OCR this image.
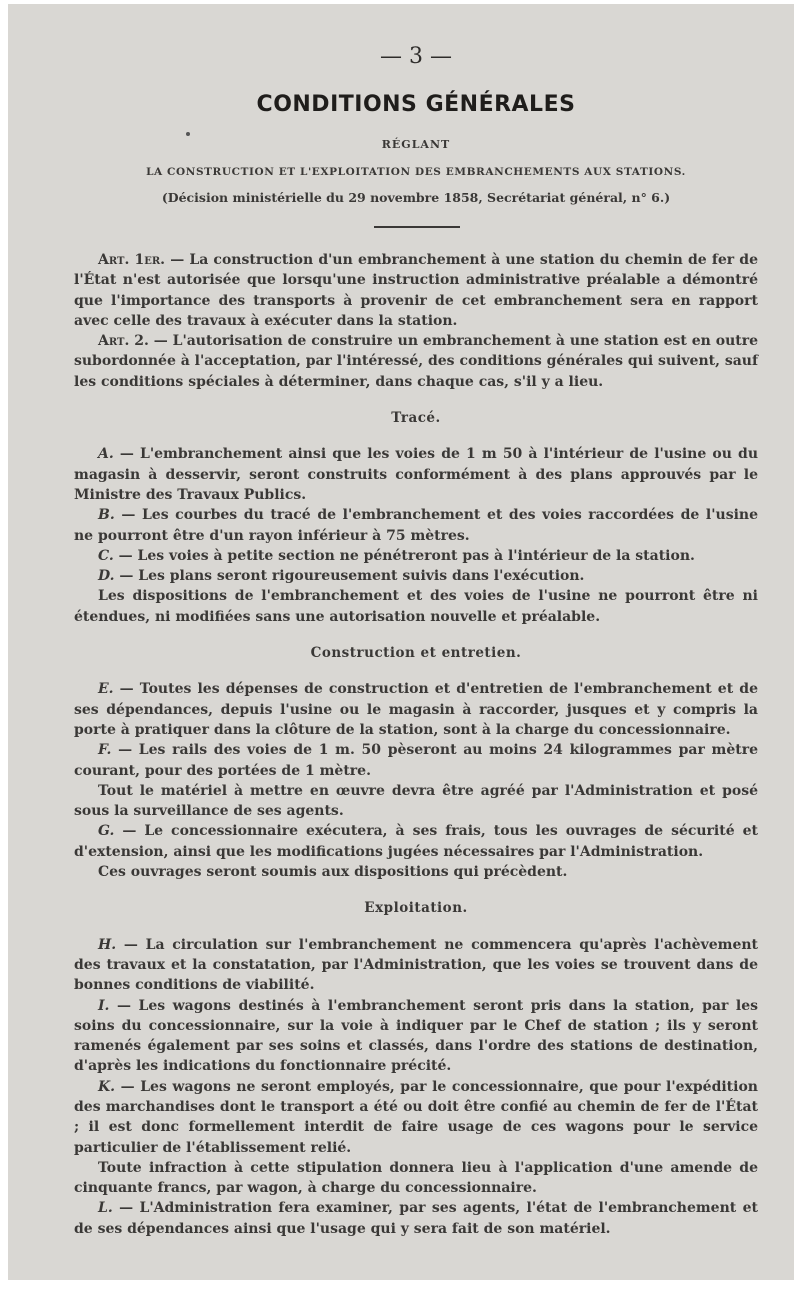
— 3 —
CONDITIONS GÉNÉRALES
RÉGLANT
LA CONSTRUCTION ET L'EXPLOITATION DES EMBRANCHEMENTS AUX STATIONS.
(Décision ministérielle du 29 novembre 1858, Secrétariat général, n° 6.)

Art. 1er. — La construction d'un embranchement à une station du chemin de fer de l'État n'est autorisée que lorsqu'une instruction administrative préalable a démontré que l'importance des transports à provenir de cet embranchement sera en rapport avec celle des travaux à exécuter dans la station.

Art. 2. — L'autorisation de construire un embranchement à une station est en outre subordonnée à l'acceptation, par l'intéressé, des conditions générales qui suivent, sauf les conditions spéciales à déterminer, dans chaque cas, s'il y a lieu.

Tracé.

A. — L'embranchement ainsi que les voies de 1 m 50 à l'intérieur de l'usine ou du magasin à desservir, seront construits conformément à des plans approuvés par le Ministre des Travaux Publics.

B. — Les courbes du tracé de l'embranchement et des voies raccordées de l'usine ne pourront être d'un rayon inférieur à 75 mètres.

C. — Les voies à petite section ne pénétreront pas à l'intérieur de la station.

D. — Les plans seront rigoureusement suivis dans l'exécution.

Les dispositions de l'embranchement et des voies de l'usine ne pourront être ni étendues, ni modifiées sans une autorisation nouvelle et préalable.

Construction et entretien.

E. — Toutes les dépenses de construction et d'entretien de l'embranchement et de ses dépendances, depuis l'usine ou le magasin à raccorder, jusques et y compris la porte à pratiquer dans la clôture de la station, sont à la charge du concessionnaire.

F. — Les rails des voies de 1 m. 50 pèseront au moins 24 kilogrammes par mètre courant, pour des portées de 1 mètre.

Tout le matériel à mettre en œuvre devra être agréé par l'Administration et posé sous la surveillance de ses agents.

G. — Le concessionnaire exécutera, à ses frais, tous les ouvrages de sécurité et d'extension, ainsi que les modifications jugées nécessaires par l'Administration.

Ces ouvrages seront soumis aux dispositions qui précèdent.

Exploitation.

H. — La circulation sur l'embranchement ne commencera qu'après l'achèvement des travaux et la constatation, par l'Administration, que les voies se trouvent dans de bonnes conditions de viabilité.

I. — Les wagons destinés à l'embranchement seront pris dans la station, par les soins du concessionnaire, sur la voie à indiquer par le Chef de station ; ils y seront ramenés également par ses soins et classés, dans l'ordre des stations de destination, d'après les indications du fonctionnaire précité.

K. — Les wagons ne seront employés, par le concessionnaire, que pour l'expédition des marchandises dont le transport a été ou doit être confié au chemin de fer de l'État ; il est donc formellement interdit de faire usage de ces wagons pour le service particulier de l'établissement relié.

Toute infraction à cette stipulation donnera lieu à l'application d'une amende de cinquante francs, par wagon, à charge du concessionnaire.

L. — L'Administration fera examiner, par ses agents, l'état de l'embranchement et de ses dépendances ainsi que l'usage qui y sera fait de son matériel.
